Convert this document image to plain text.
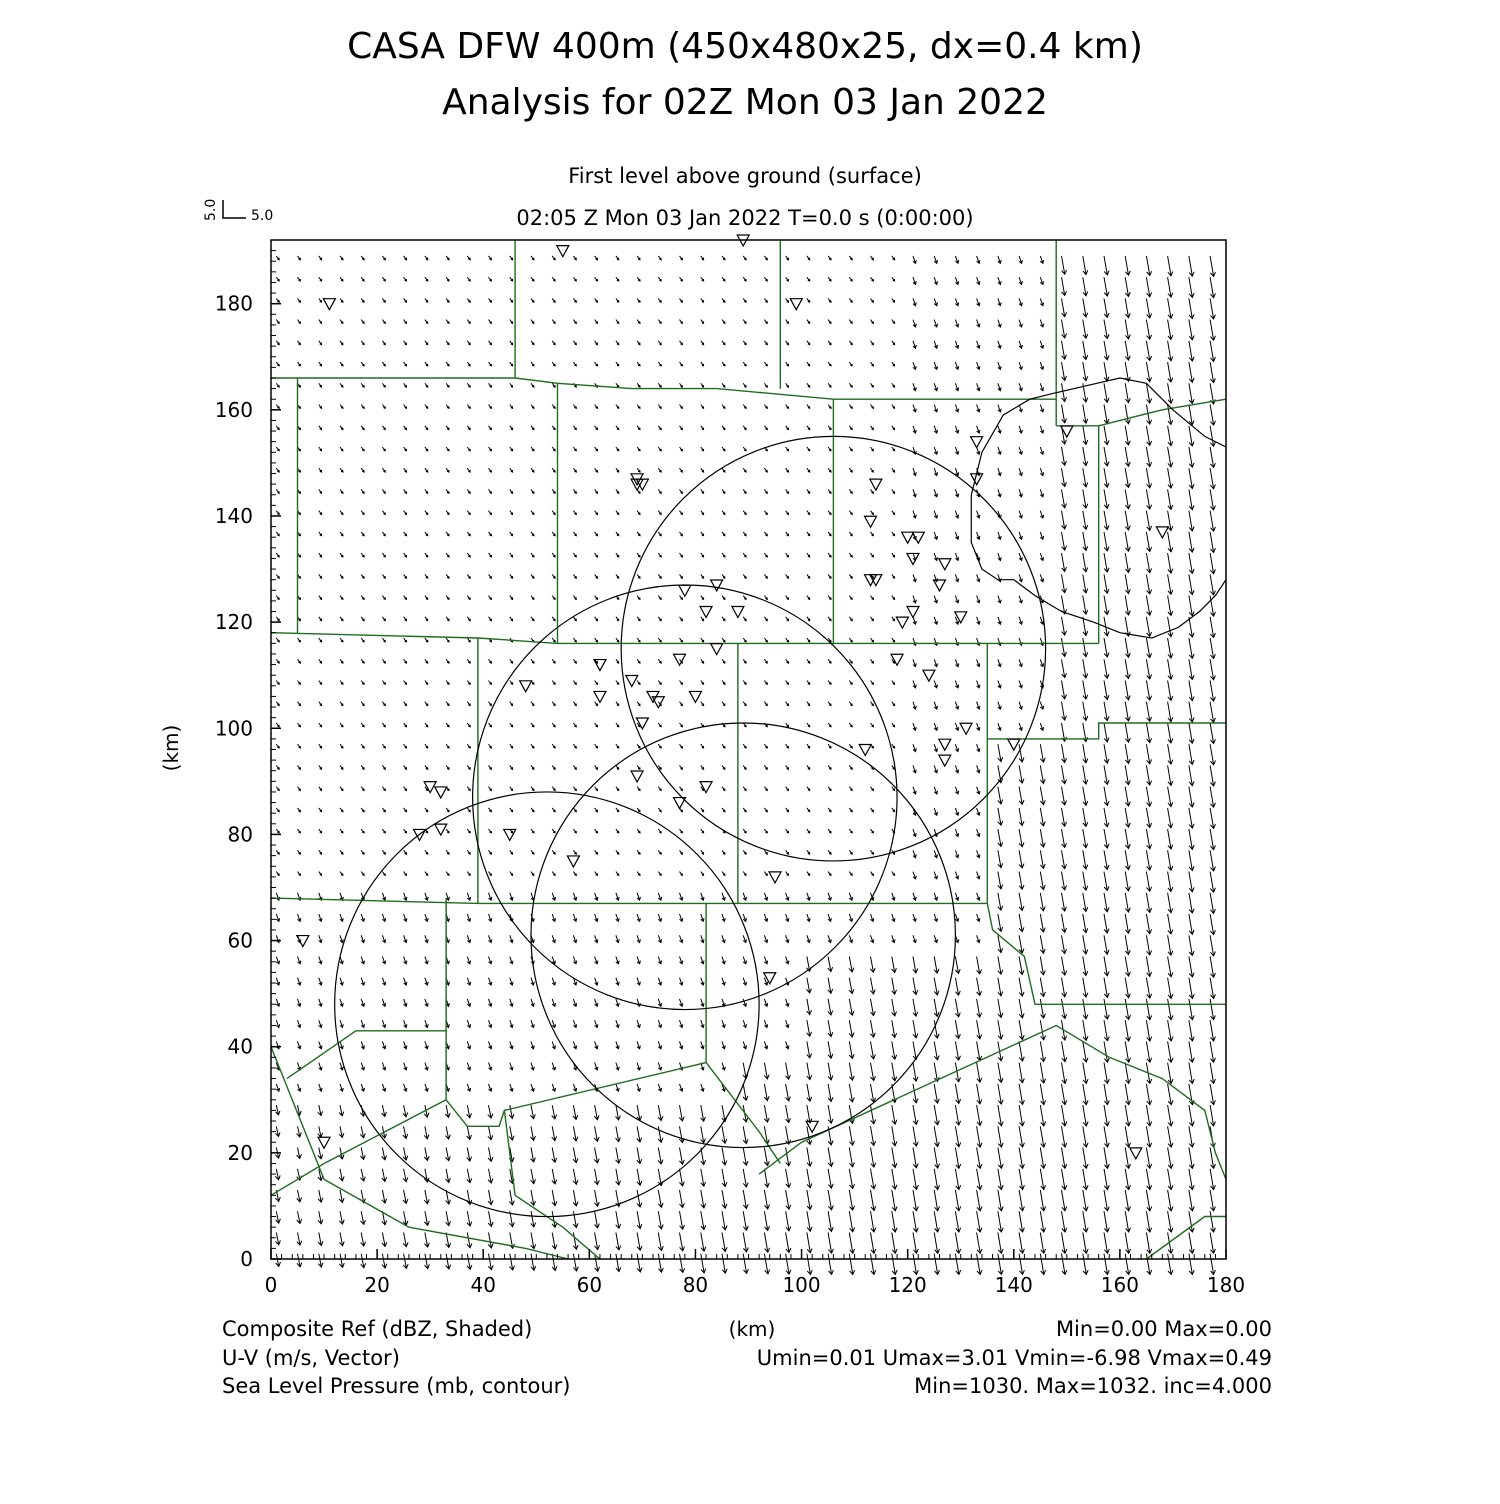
CASA DFW 400m (450x480x25, dx=0.4 km)
Analysis for 02Z Mon 03 Jan 2022
First level above ground (surface)
02:05 Z Mon 03 Jan 2022 T=0.0 s (0:00:00)
5.0 5.0
0	20	40	60	80	100	120	140	160	180
0
20
40
60
80
100
120
140
160
180
(km)
Composite Ref (dBZ, Shaded)
U-V (m/s, Vector)
Sea Level Pressure (mb, contour)
(km)	Min=0.00 Max=0.00
Umin=0.01 Umax=3.01 Vmin=-6.98 Vmax=0.49
Min=1030. Max=1032. inc=4.000
